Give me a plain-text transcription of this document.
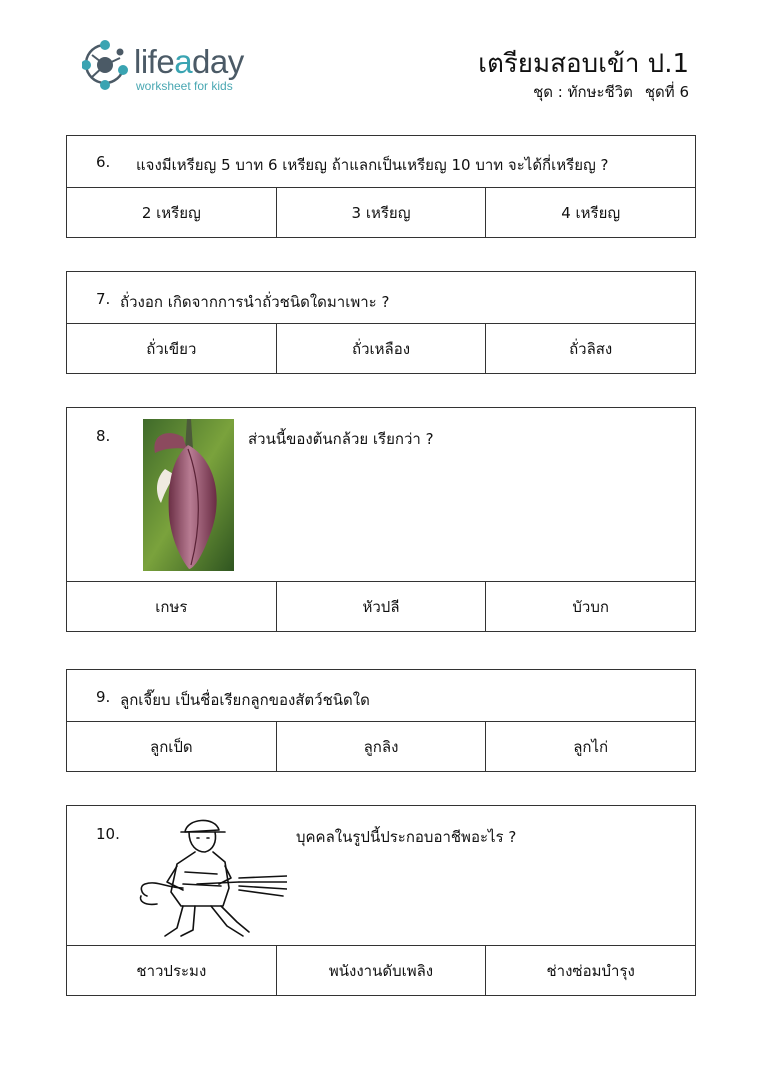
lifeaday
worksheet for kids
เตรียมสอบเข้า ป.1
ชุด : ทักษะชีวิต ชุดที่ 6
6. แจงมีเหรียญ 5 บาท 6 เหรียญ ถ้าแลกเป็นเหรียญ 10 บาท จะได้กี่เหรียญ ?
2 เหรียญ	3 เหรียญ	4 เหรียญ
7. ถั่วงอก เกิดจากการนำถั่วชนิดใดมาเพาะ ?
ถั่วเขียว	ถั่วเหลือง	ถั่วลิสง
8.	ส่วนนี้ของต้นกล้วย เรียกว่า ?
เกษร	หัวปลี	บัวบก
9. ลูกเจี๊ยบ เป็นชื่อเรียกลูกของสัตว์ชนิดใด
ลูกเป็ด	ลูกลิง	ลูกไก่
10.	บุคคลในรูปนี้ประกอบอาชีพอะไร ?
ชาวประมง	พนังงานดับเพลิง	ช่างซ่อมบำรุง
